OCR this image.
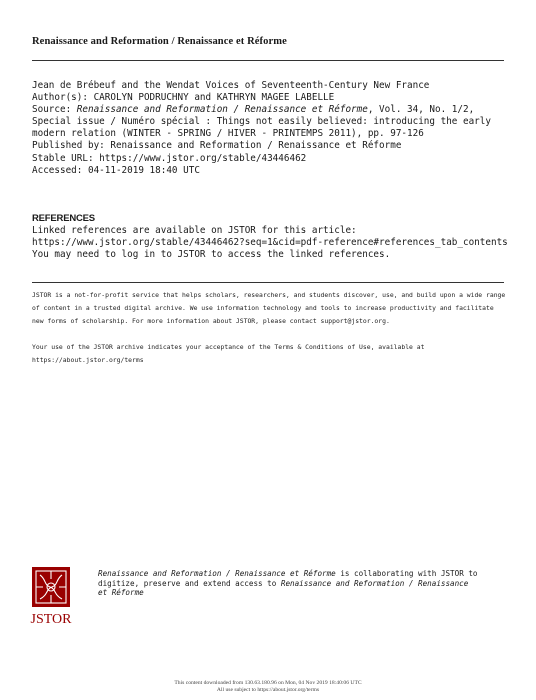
Renaissance and Reformation / Renaissance et Réforme
Jean de Brébeuf and the Wendat Voices of Seventeenth-Century New France
Author(s): CAROLYN PODRUCHNY and KATHRYN MAGEE LABELLE
Source: Renaissance and Reformation / Renaissance et Réforme, Vol. 34, No. 1/2, Special issue / Numéro spécial : Things not easily believed: introducing the early modern relation (WINTER - SPRING / HIVER - PRINTEMPS 2011), pp. 97-126
Published by: Renaissance and Reformation / Renaissance et Réforme
Stable URL: https://www.jstor.org/stable/43446462
Accessed: 04-11-2019 18:40 UTC
REFERENCES
Linked references are available on JSTOR for this article:
https://www.jstor.org/stable/43446462?seq=1&cid=pdf-reference#references_tab_contents
You may need to log in to JSTOR to access the linked references.

JSTOR is a not-for-profit service that helps scholars, researchers, and students discover, use, and build upon a wide range of content in a trusted digital archive. We use information technology and tools to increase productivity and facilitate new forms of scholarship. For more information about JSTOR, please contact support@jstor.org.

Your use of the JSTOR archive indicates your acceptance of the Terms & Conditions of Use, available at https://about.jstor.org/terms

JSTOR
Renaissance and Reformation / Renaissance et Réforme is collaborating with JSTOR to digitize, preserve and extend access to Renaissance and Reformation / Renaissance et Réforme
This content downloaded from 130.63.180.96 on Mon, 04 Nov 2019 18:40:06 UTC
All use subject to https://about.jstor.org/terms
